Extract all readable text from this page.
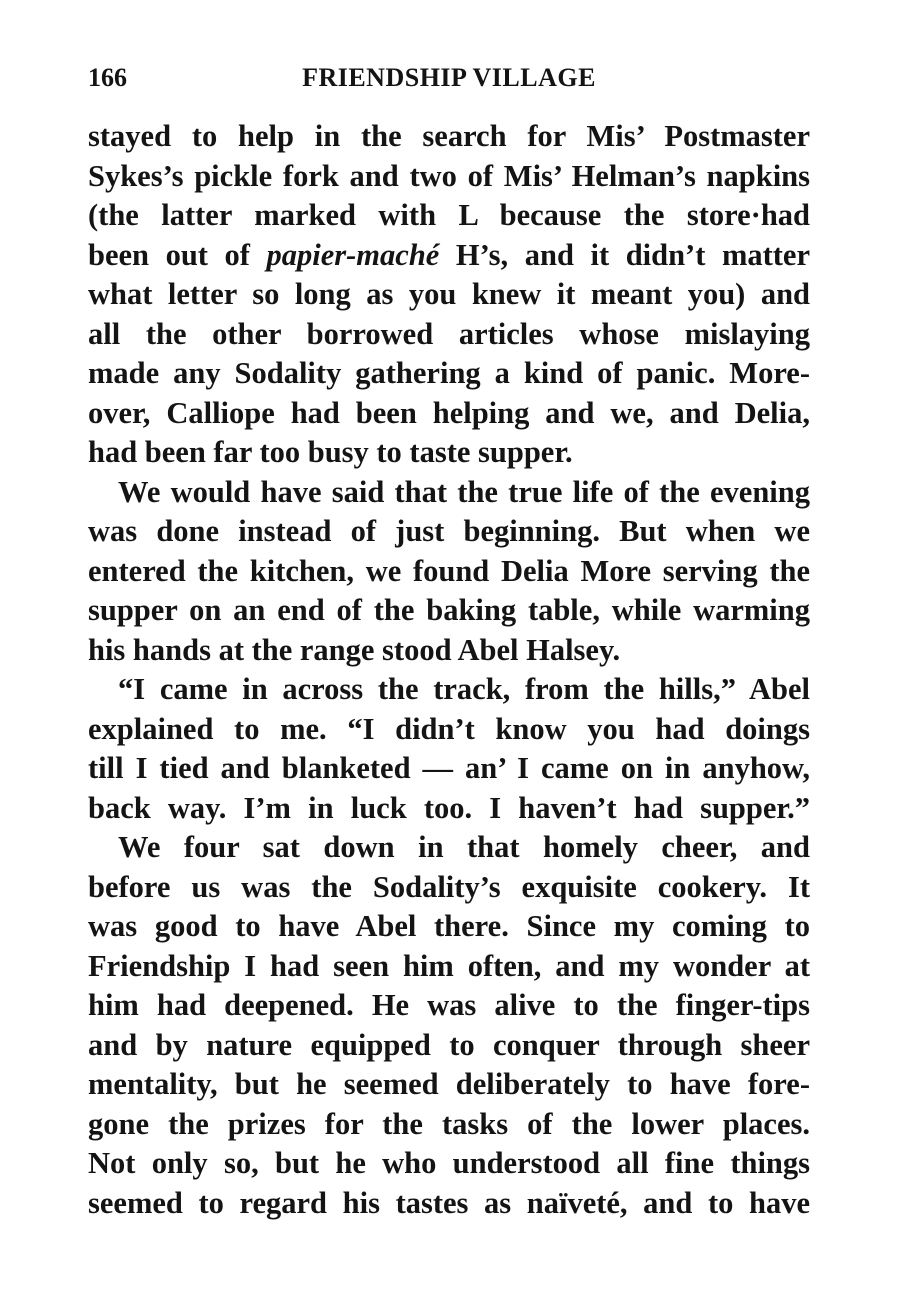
166	FRIENDSHIP VILLAGE
stayed to help in the search for Mis’ Postmaster
Sykes’s pickle fork and two of Mis’ Helman’s napkins
(the latter marked with L because the store·had
been out of papier-maché H’s, and it didn’t matter
what letter so long as you knew it meant you) and
all the other borrowed articles whose mislaying
made any Sodality gathering a kind of panic. More-
over, Calliope had been helping and we, and Delia,
had been far too busy to taste supper.
We would have said that the true life of the evening
was done instead of just beginning. But when we
entered the kitchen, we found Delia More serving the
supper on an end of the baking table, while warming
his hands at the range stood Abel Halsey.
“I came in across the track, from the hills,” Abel
explained to me. “I didn’t know you had doings
till I tied and blanketed — an’ I came on in anyhow,
back way. I’m in luck too. I haven’t had supper.”
We four sat down in that homely cheer, and
before us was the Sodality’s exquisite cookery. It
was good to have Abel there. Since my coming to
Friendship I had seen him often, and my wonder at
him had deepened. He was alive to the finger-tips
and by nature equipped to conquer through sheer
mentality, but he seemed deliberately to have fore-
gone the prizes for the tasks of the lower places.
Not only so, but he who understood all fine things
seemed to regard his tastes as naïveté, and to have
